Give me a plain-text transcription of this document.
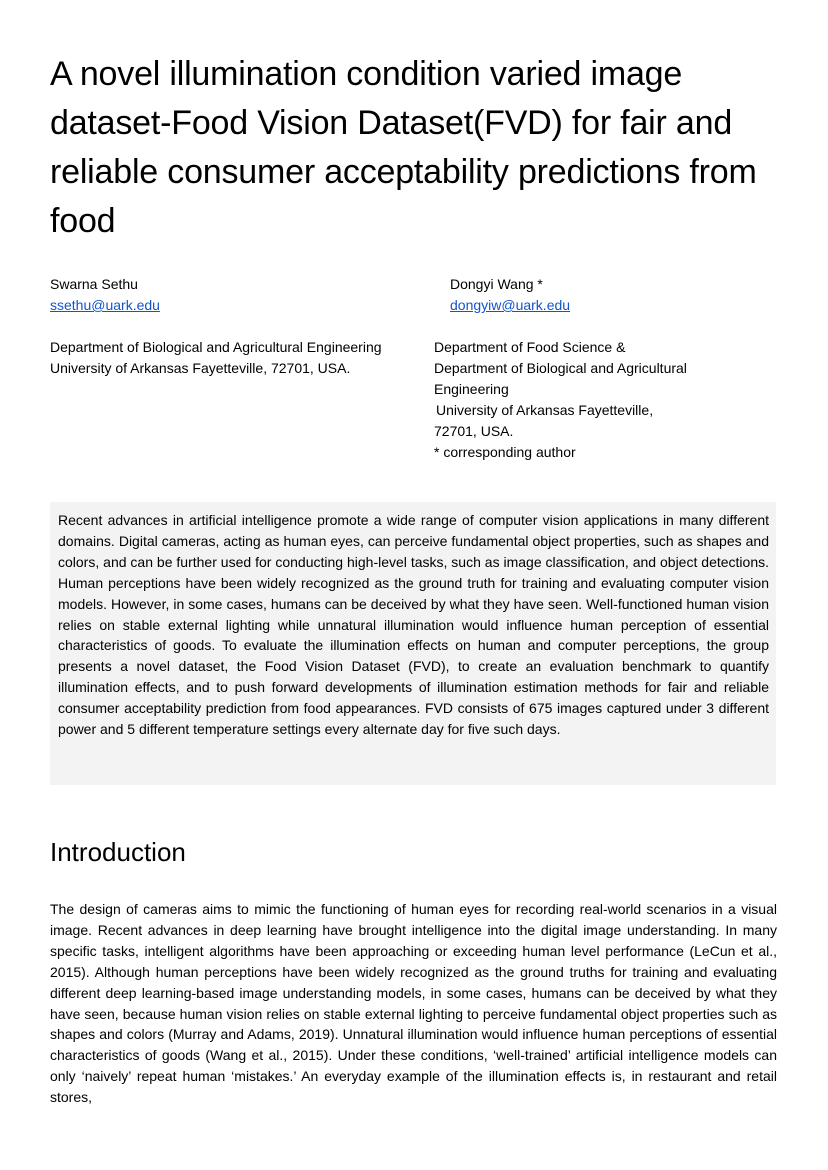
A novel illumination condition varied image dataset-Food Vision Dataset(FVD) for fair and reliable consumer acceptability predictions from food
Swarna Sethu
ssethu@uark.edu
Dongyi Wang *
dongyiw@uark.edu
Department of Biological and Agricultural Engineering
University of Arkansas Fayetteville, 72701, USA.
Department of Food Science &
Department of Biological and Agricultural
Engineering
University of Arkansas Fayetteville,
72701, USA.
* corresponding author

Recent advances in artificial intelligence promote a wide range of computer vision applications in many different domains. Digital cameras, acting as human eyes, can perceive fundamental object properties, such as shapes and colors, and can be further used for conducting high-level tasks, such as image classification, and object detections. Human perceptions have been widely recognized as the ground truth for training and evaluating computer vision models. However, in some cases, humans can be deceived by what they have seen. Well-functioned human vision relies on stable external lighting while unnatural illumination would influence human perception of essential characteristics of goods. To evaluate the illumination effects on human and computer perceptions, the group presents a novel dataset, the Food Vision Dataset (FVD), to create an evaluation benchmark to quantify illumination effects, and to push forward developments of illumination estimation methods for fair and reliable consumer acceptability prediction from food appearances. FVD consists of 675 images captured under 3 different power and 5 different temperature settings every alternate day for five such days.

Introduction

The design of cameras aims to mimic the functioning of human eyes for recording real-world scenarios in a visual image. Recent advances in deep learning have brought intelligence into the digital image understanding. In many specific tasks, intelligent algorithms have been approaching or exceeding human level performance (LeCun et al., 2015). Although human perceptions have been widely recognized as the ground truths for training and evaluating different deep learning-based image understanding models, in some cases, humans can be deceived by what they have seen, because human vision relies on stable external lighting to perceive fundamental object properties such as shapes and colors (Murray and Adams, 2019). Unnatural illumination would influence human perceptions of essential characteristics of goods (Wang et al., 2015). Under these conditions, ‘well-trained’ artificial intelligence models can only ‘naively’ repeat human ‘mistakes.’ An everyday example of the illumination effects is, in restaurant and retail stores,
